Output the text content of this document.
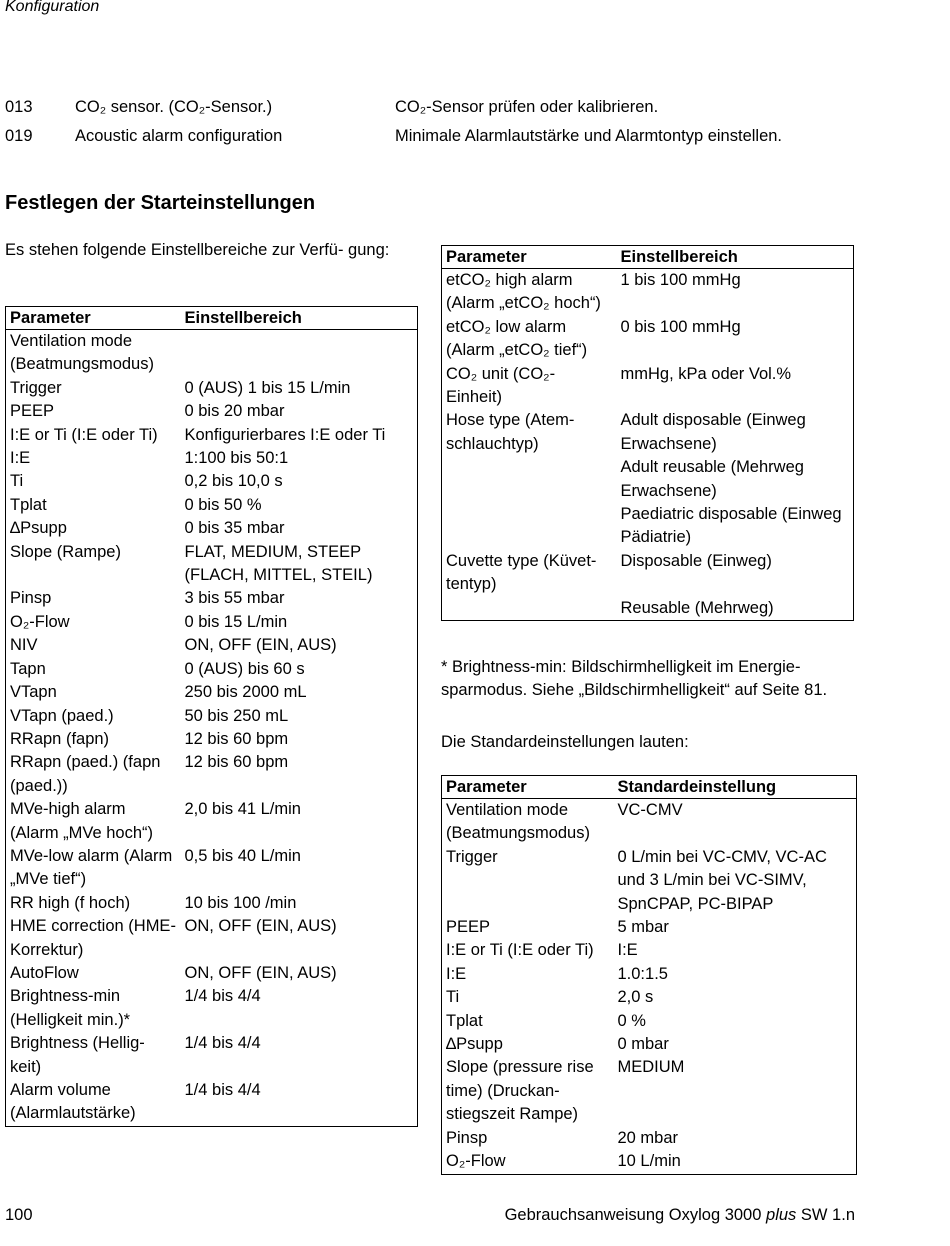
Konfiguration
013	CO₂ sensor. (CO₂-Sensor.)	CO₂-Sensor prüfen oder kalibrieren.
019	Acoustic alarm configuration	Minimale Alarmlautstärke und Alarmtontyp einstellen.
Festlegen der Starteinstellungen
Es stehen folgende Einstellbereiche zur Verfü- gung:
Parameter	Einstellbereich
Ventilation mode (Beatmungsmodus)	
Trigger	0 (AUS) 1 bis 15 L/min
PEEP	0 bis 20 mbar
I:E or Ti (I:E oder Ti)	Konfigurierbares I:E oder Ti
I:E	1:100 bis 50:1
Ti	0,2 bis 10,0 s
Tplat	0 bis 50 %
∆Psupp	0 bis 35 mbar
Slope (Rampe)	FLAT, MEDIUM, STEEP (FLACH, MITTEL, STEIL)
Pinsp	3 bis 55 mbar
O₂-Flow	0 bis 15 L/min
NIV	ON, OFF (EIN, AUS)
Tapn	0 (AUS) bis 60 s
VTapn	250 bis 2000 mL
VTapn (paed.)	50 bis 250 mL
RRapn (fapn)	12 bis 60 bpm
RRapn (paed.) (fapn (paed.))	12 bis 60 bpm
MVe-high alarm (Alarm „MVe hoch“)	2,0 bis 41 L/min
MVe-low alarm (Alarm „MVe tief“)	0,5 bis 40 L/min
RR high (f hoch)	10 bis 100 /min
HME correction (HME-Korrektur)	ON, OFF (EIN, AUS)
AutoFlow	ON, OFF (EIN, AUS)
Brightness-min (Helligkeit min.)*	1/4 bis 4/4
Brightness (Hellig- keit)	1/4 bis 4/4
Alarm volume (Alarmlautstärke)	1/4 bis 4/4
Parameter	Einstellbereich
etCO₂ high alarm (Alarm „etCO₂ hoch“)	1 bis 100 mmHg
etCO₂ low alarm (Alarm „etCO₂ tief“)	0 bis 100 mmHg
CO₂ unit (CO₂- Einheit)	mmHg, kPa oder Vol.%
Hose type (Atem- schlauchtyp)	Adult disposable (Einweg Erwachsene)
	Adult reusable (Mehrweg Erwachsene)
	Paediatric disposable (Einweg Pädiatrie)
Cuvette type (Küvet- tentyp)	Disposable (Einweg)
	Reusable (Mehrweg)
* Brightness-min: Bildschirmhelligkeit im Energie- sparmodus. Siehe „Bildschirmhelligkeit“ auf Seite 81.
Die Standardeinstellungen lauten:
Parameter	Standardeinstellung
Ventilation mode (Beatmungsmodus)	VC-CMV
Trigger	0 L/min bei VC-CMV, VC-AC und 3 L/min bei VC-SIMV, SpnCPAP, PC-BIPAP
PEEP	5 mbar
I:E or Ti (I:E oder Ti)	I:E
I:E	1.0:1.5
Ti	2,0 s
Tplat	0 %
∆Psupp	0 mbar
Slope (pressure rise time) (Druckan- stiegszeit Rampe)	MEDIUM
Pinsp	20 mbar
O₂-Flow	10 L/min
100	Gebrauchsanweisung Oxylog 3000 plus SW 1.n
